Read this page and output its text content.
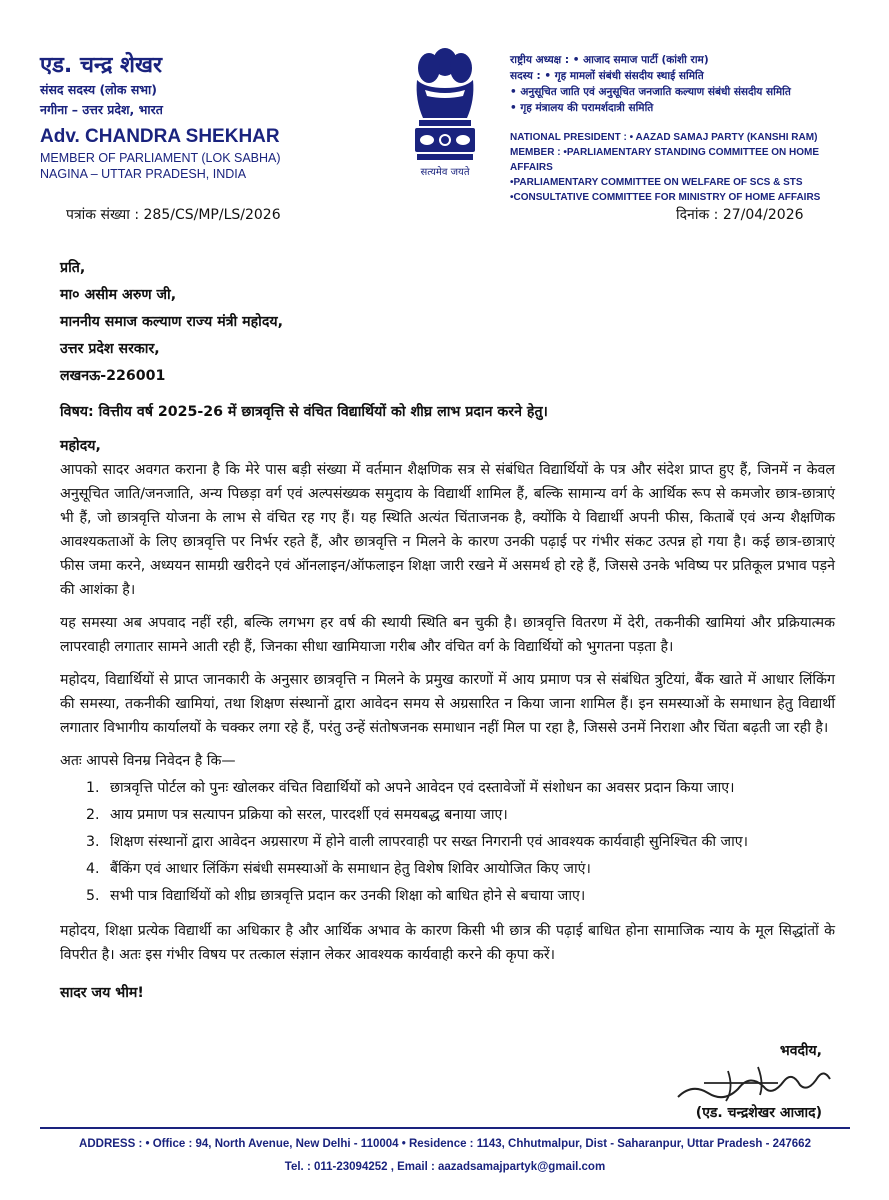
एड. चन्द्र शेखर
संसद सदस्य (लोक सभा)
नगीना – उत्तर प्रदेश, भारत
Adv. CHANDRA SHEKHAR
MEMBER OF PARLIAMENT (LOK SABHA)
NAGINA – UTTAR PRADESH, INDIA	सत्यमेव जयते
राष्ट्रीय अध्यक्ष : • आजाद समाज पार्टी (कांशी राम)
सदस्य : • गृह मामलों संबंधी संसदीय स्थाई समिति
• अनुसूचित जाति एवं अनुसूचित जनजाति कल्याण संबंधी संसदीय समिति
• गृह मंत्रालय की परामर्शदात्री समिति
NATIONAL PRESIDENT : • AAZAD SAMAJ PARTY (KANSHI RAM)
MEMBER : •PARLIAMENTARY STANDING COMMITTEE ON HOME AFFAIRS
•PARLIAMENTARY COMMITTEE ON WELFARE OF SCS & STS
•CONSULTATIVE COMMITTEE FOR MINISTRY OF HOME AFFAIRS
पत्रांक संख्या : 285/CS/MP/LS/2026	दिनांक : 27/04/2026
प्रति,
मा० असीम अरुण जी,
माननीय समाज कल्याण राज्य मंत्री महोदय,
उत्तर प्रदेश सरकार,
लखनऊ-226001
विषय: वित्तीय वर्ष 2025-26 में छात्रवृत्ति से वंचित विद्यार्थियों को शीघ्र लाभ प्रदान करने हेतु।
महोदय,

आपको सादर अवगत कराना है कि मेरे पास बड़ी संख्या में वर्तमान शैक्षणिक सत्र से संबंधित विद्यार्थियों के पत्र और संदेश प्राप्त हुए हैं, जिनमें न केवल अनुसूचित जाति/जनजाति, अन्य पिछड़ा वर्ग एवं अल्पसंख्यक समुदाय के विद्यार्थी शामिल हैं, बल्कि सामान्य वर्ग के आर्थिक रूप से कमजोर छात्र-छात्राएं भी हैं, जो छात्रवृत्ति योजना के लाभ से वंचित रह गए हैं। यह स्थिति अत्यंत चिंताजनक है, क्योंकि ये विद्यार्थी अपनी फीस, किताबें एवं अन्य शैक्षणिक आवश्यकताओं के लिए छात्रवृत्ति पर निर्भर रहते हैं, और छात्रवृत्ति न मिलने के कारण उनकी पढ़ाई पर गंभीर संकट उत्पन्न हो गया है। कई छात्र-छात्राएं फीस जमा करने, अध्ययन सामग्री खरीदने एवं ऑनलाइन/ऑफलाइन शिक्षा जारी रखने में असमर्थ हो रहे हैं, जिससे उनके भविष्य पर प्रतिकूल प्रभाव पड़ने की आशंका है।

यह समस्या अब अपवाद नहीं रही, बल्कि लगभग हर वर्ष की स्थायी स्थिति बन चुकी है। छात्रवृत्ति वितरण में देरी, तकनीकी खामियां और प्रक्रियात्मक लापरवाही लगातार सामने आती रही हैं, जिनका सीधा खामियाजा गरीब और वंचित वर्ग के विद्यार्थियों को भुगतना पड़ता है।

महोदय, विद्यार्थियों से प्राप्त जानकारी के अनुसार छात्रवृत्ति न मिलने के प्रमुख कारणों में आय प्रमाण पत्र से संबंधित त्रुटियां, बैंक खाते में आधार लिंकिंग की समस्या, तकनीकी खामियां, तथा शिक्षण संस्थानों द्वारा आवेदन समय से अग्रसारित न किया जाना शामिल हैं। इन समस्याओं के समाधान हेतु विद्यार्थी लगातार विभागीय कार्यालयों के चक्कर लगा रहे हैं, परंतु उन्हें संतोषजनक समाधान नहीं मिल पा रहा है, जिससे उनमें निराशा और चिंता बढ़ती जा रही है।

अतः आपसे विनम्र निवेदन है कि—
1. छात्रवृत्ति पोर्टल को पुनः खोलकर वंचित विद्यार्थियों को अपने आवेदन एवं दस्तावेजों में संशोधन का अवसर प्रदान किया जाए।
2. आय प्रमाण पत्र सत्यापन प्रक्रिया को सरल, पारदर्शी एवं समयबद्ध बनाया जाए।
3. शिक्षण संस्थानों द्वारा आवेदन अग्रसारण में होने वाली लापरवाही पर सख्त निगरानी एवं आवश्यक कार्यवाही सुनिश्चित की जाए।
4. बैंकिंग एवं आधार लिंकिंग संबंधी समस्याओं के समाधान हेतु विशेष शिविर आयोजित किए जाएं।
5. सभी पात्र विद्यार्थियों को शीघ्र छात्रवृत्ति प्रदान कर उनकी शिक्षा को बाधित होने से बचाया जाए।

महोदय, शिक्षा प्रत्येक विद्यार्थी का अधिकार है और आर्थिक अभाव के कारण किसी भी छात्र की पढ़ाई बाधित होना सामाजिक न्याय के मूल सिद्धांतों के विपरीत है। अतः इस गंभीर विषय पर तत्काल संज्ञान लेकर आवश्यक कार्यवाही करने की कृपा करें।

सादर जय भीम!
भवदीय,
(एड. चन्द्रशेखर आजाद)
ADDRESS : • Office : 94, North Avenue, New Delhi - 110004 • Residence : 1143, Chhutmalpur, Dist - Saharanpur, Uttar Pradesh - 247662
Tel. : 011-23094252 , Email : aazadsamajpartyk@gmail.com
